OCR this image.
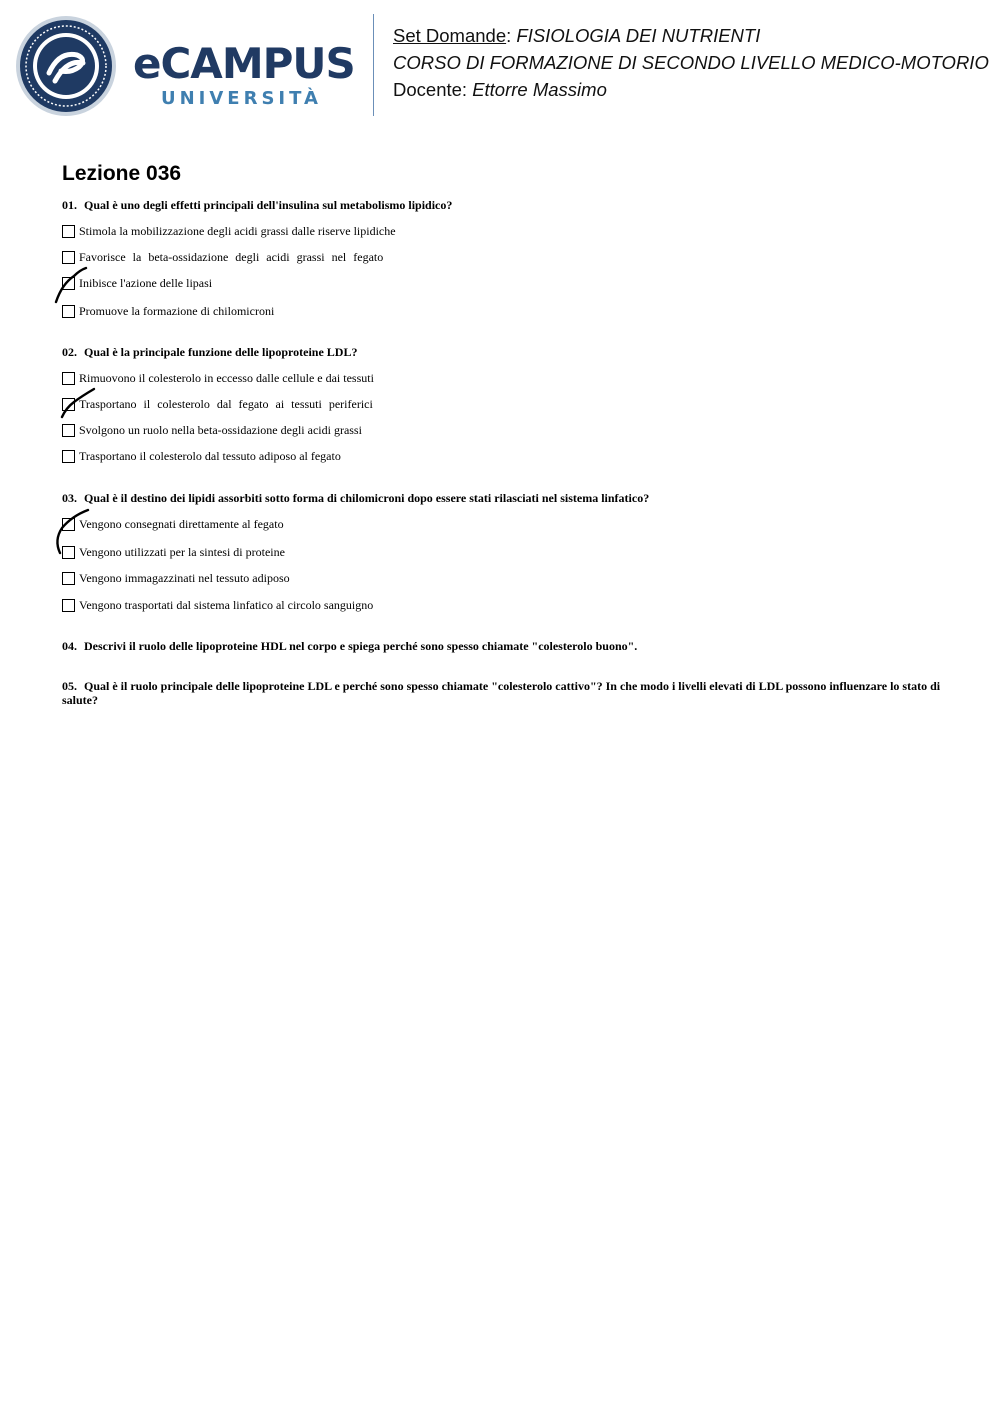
eCAMPUS
UNIVERSITÀ
Set Domande: FISIOLOGIA DEI NUTRIENTI
CORSO DI FORMAZIONE DI SECONDO LIVELLO MEDICO-MOTORIO
Docente: Ettorre Massimo
Lezione 036
01. Qual è uno degli effetti principali dell'insulina sul metabolismo lipidico?
Stimola la mobilizzazione degli acidi grassi dalle riserve lipidiche
Favorisce la beta-ossidazione degli acidi grassi nel fegato
Inibisce l'azione delle lipasi
Promuove la formazione di chilomicroni
02. Qual è la principale funzione delle lipoproteine LDL?
Rimuovono il colesterolo in eccesso dalle cellule e dai tessuti
Trasportano il colesterolo dal fegato ai tessuti periferici
Svolgono un ruolo nella beta-ossidazione degli acidi grassi
Trasportano il colesterolo dal tessuto adiposo al fegato
03. Qual è il destino dei lipidi assorbiti sotto forma di chilomicroni dopo essere stati rilasciati nel sistema linfatico?
Vengono consegnati direttamente al fegato
Vengono utilizzati per la sintesi di proteine
Vengono immagazzinati nel tessuto adiposo
Vengono trasportati dal sistema linfatico al circolo sanguigno
04. Descrivi il ruolo delle lipoproteine HDL nel corpo e spiega perché sono spesso chiamate "colesterolo buono".
05. Qual è il ruolo principale delle lipoproteine LDL e perché sono spesso chiamate "colesterolo cattivo"? In che modo i livelli elevati di LDL possono influenzare lo stato di salute?
